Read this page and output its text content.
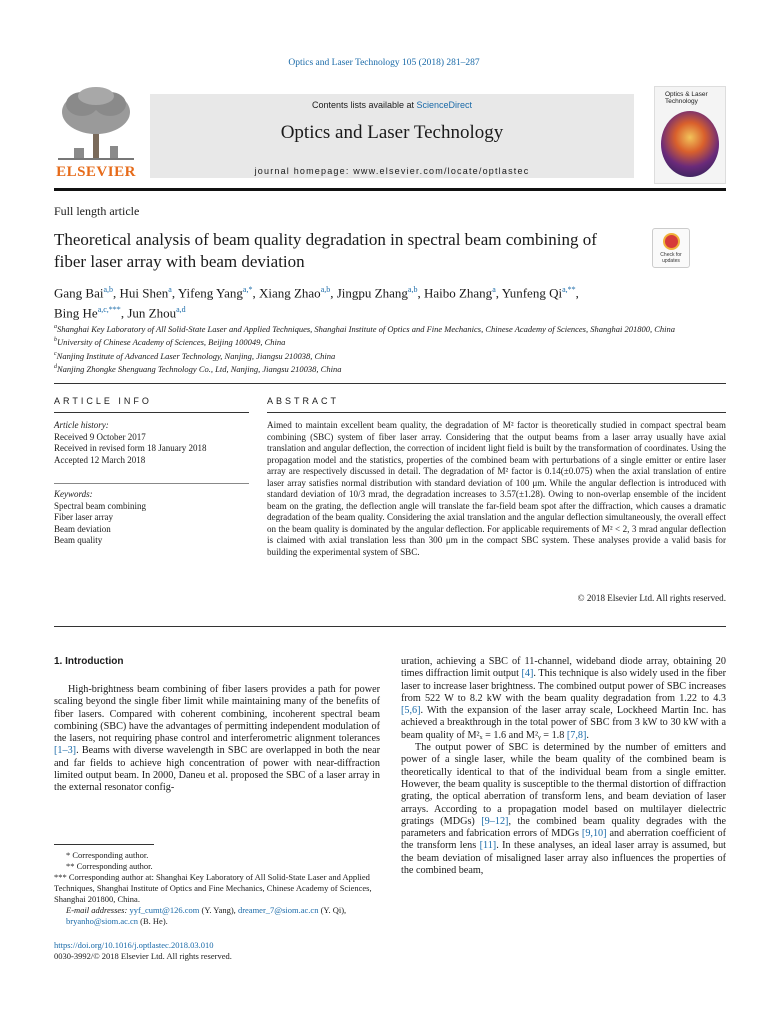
Optics and Laser Technology 105 (2018) 281–287
ELSEVIER
Contents lists available at ScienceDirect
Optics and Laser Technology
journal homepage: www.elsevier.com/locate/optlastec
Optics & Laser Technology
Full length article
Theoretical analysis of beam quality degradation in spectral beam combining of fiber laser array with beam deviation	Check for updates
Gang Bai$^{a,b}$, Hui Shen$^a$, Yifeng Yang$^{a,*}$, Xiang Zhao$^{a,b}$, Jingpu Zhang$^{a,b}$, Haibo Zhang$^a$, Yunfeng $Qi^{a,**}$,
Bing $He^{a,c,***}$, Jun Zhou$^{a,d}$
$^a$Shanghai Key Laboratory of All Solid-State Laser and Applied Techniques, Shanghai Institute of Optics and Fine Mechanics, Chinese Academy of Sciences, Shanghai 201800, China
$^b$University of Chinese Academy of Sciences, Beijing 100049, China
$^c$Nanjing Institute of Advanced Laser Technology, Nanjing, Jiangsu 210038, China
$^d$Nanjing Zhongke Shenguang Technology Co., Ltd, Nanjing, Jiangsu 210038, China
ARTICLE INFO	ABSTRACT
Article history:
Received 9 October 2017
Received in revised form 18 January 2018
Accepted 12 March 2018
Keywords:
Spectral beam combining
Fiber laser array
Beam deviation
Beam quality
Aimed to maintain excellent beam quality, the degradation of M² factor is theoretically studied in compact spectral beam combining (SBC) system of fiber laser array. Considering that the output beams from a laser array usually have axial translation and angular deflection, the correction of incident light field is built by the transformation of coordinates. Using the propagation model and the statistics, properties of the combined beam with perturbations of a single emitter or entire laser array are respectively discussed in detail. The degradation of M² factor is 0.14(±0.075) when the axial translation of entire laser array satisfies normal distribution with standard deviation of 100 μm. While the angular deflection is introduced with standard deviation of 10/3 mrad, the degradation increases to 3.57(±1.28). Owing to non-overlap ensemble of the incident beam on the grating, the deflection angle will translate the far-field beam spot after the diffraction, which causes a dramatic degradation of the beam quality. Considering the axial translation and the angular deflection simultaneously, the overall effect on the beam quality is dominated by the angular deflection. For applicable requirements of M² < 2, 3 mrad angular deflection is claimed with axial translation less than 300 μm in the compact SBC system. These analyses provide a valid basis for building the experimental system of SBC.
© 2018 Elsevier Ltd. All rights reserved.
1. Introduction

High-brightness beam combining of fiber lasers provides a path for power scaling beyond the single fiber limit while maintaining many of the benefits of fiber lasers. Compared with coherent combining, incoherent spectral beam combining (SBC) have the advantages of permitting independent modulation of the lasers, not requiring phase control and interferometric alignment tolerances [1–3]. Beams with diverse wavelength in SBC are overlapped in both the near and far fields to achieve high concentration of power with near-diffraction limited output beam. In 2000, Daneu et al. proposed the SBC of a laser array in the external resonator config-

uration, achieving a SBC of 11-channel, wideband diode array, obtaining 20 times diffraction limit output [4]. This technique is also widely used in the fiber laser to increase laser brightness. The combined output power of SBC increases from 522 W to 8.2 kW with the beam quality degradation from 1.22 to 4.3 [5,6]. With the expansion of the laser array scale, Lockheed Martin Inc. has achieved a breakthrough in the total power of SBC from 3 kW to 30 kW with a beam quality of M²ₓ = 1.6 and M²ᵧ = 1.8 [7,8].

The output power of SBC is determined by the number of emitters and power of a single laser, while the beam quality of the combined beam is theoretically identical to that of the individual beam from a single emitter. However, the beam quality is susceptible to the thermal distortion of diffraction grating, the optical aberration of transform lens, and beam deviation of laser arrays. According to a propagation model based on multilayer dielectric gratings (MDGs) [9–12], the combined beam quality degrades with the parameters and fabrication errors of MDGs [9,10] and aberration coefficient of the transform lens [11]. In these analyses, an ideal laser array is assumed, but the beam deviation of misaligned laser array also influences the properties of the combined beam,

* Corresponding author.
** Corresponding author.
*** Corresponding author at: Shanghai Key Laboratory of All Solid-State Laser and Applied Techniques, Shanghai Institute of Optics and Fine Mechanics, Chinese Academy of Sciences, Shanghai 201800, China.
E-mail addresses: yyf_cumt@126.com (Y. Yang), dreamer_7@siom.ac.cn (Y. Qi),
bryanho@siom.ac.cn (B. He).
https://doi.org/10.1016/j.optlastec.2018.03.010
0030-3992/© 2018 Elsevier Ltd. All rights reserved.
